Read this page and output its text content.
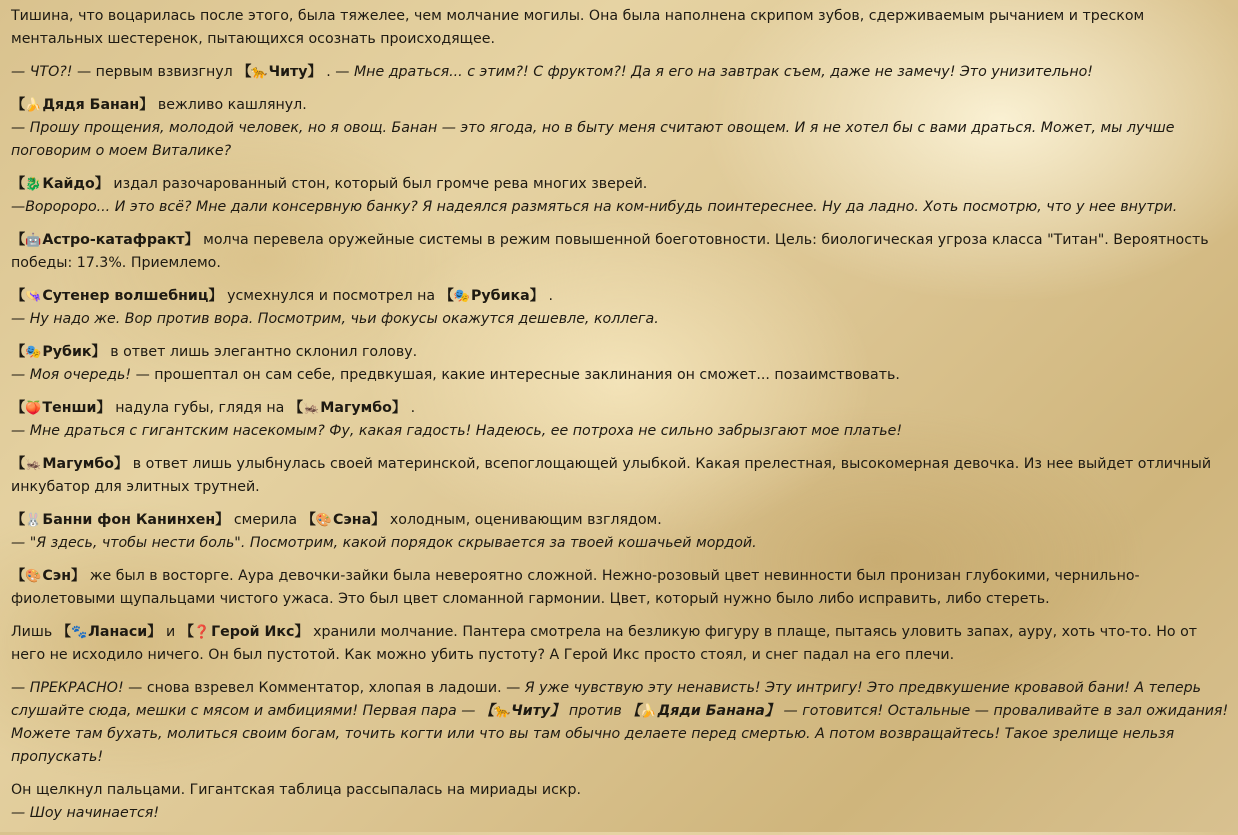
Тишина, что воцарилась после этого, была тяжелее, чем молчание могилы. Она была наполнена скрипом зубов, сдерживаемым рычанием и треском ментальных шестеренок, пытающихся осознать происходящее.

— ЧТО?! — первым взвизгнул 【🐆Читу】 . — Мне драться... с этим?! С фруктом?! Да я его на завтрак съем, даже не замечу! Это унизительно!

【🍌Дядя Банан】 вежливо кашлянул.
— Прошу прощения, молодой человек, но я овощ. Банан — это ягода, но в быту меня считают овощем. И я не хотел бы с вами драться. Может, мы лучше поговорим о моем Виталике?

【🐉Кайдо】 издал разочарованный стон, который был громче рева многих зверей.
—Воророро... И это всё? Мне дали консервную банку? Я надеялся размяться на ком-нибудь поинтереснее. Ну да ладно. Хоть посмотрю, что у нее внутри.

【🤖Астро-катафракт】 молча перевела оружейные системы в режим повышенной боеготовности. Цель: биологическая угроза класса "Титан". Вероятность победы: 17.3%. Приемлемо.

【👒Сутенер волшебниц】 усмехнулся и посмотрел на 【🎭Рубика】 .
— Ну надо же. Вор против вора. Посмотрим, чьи фокусы окажутся дешевле, коллега.

【🎭Рубик】 в ответ лишь элегантно склонил голову.
— Моя очередь! — прошептал он сам себе, предвкушая, какие интересные заклинания он сможет... позаимствовать.

【🍑Тенши】 надула губы, глядя на 【🦗Магумбо】 .
— Мне драться с гигантским насекомым? Фу, какая гадость! Надеюсь, ее потроха не сильно забрызгают мое платье!

【🦗Магумбо】 в ответ лишь улыбнулась своей материнской, всепоглощающей улыбкой. Какая прелестная, высокомерная девочка. Из нее выйдет отличный инкубатор для элитных трутней.

【🐰Банни фон Канинхен】 смерила 【🎨Сэна】 холодным, оценивающим взглядом.
— "Я здесь, чтобы нести боль". Посмотрим, какой порядок скрывается за твоей кошачьей мордой.

【🎨Сэн】 же был в восторге. Аура девочки-зайки была невероятно сложной. Нежно-розовый цвет невинности был пронизан глубокими, чернильно-фиолетовыми щупальцами чистого ужаса. Это был цвет сломанной гармонии. Цвет, который нужно было либо исправить, либо стереть.

Лишь 【🐾Ланаси】 и 【❓Герой Икс】 хранили молчание. Пантера смотрела на безликую фигуру в плаще, пытаясь уловить запах, ауру, хоть что-то. Но от него не исходило ничего. Он был пустотой. Как можно убить пустоту? А Герой Икс просто стоял, и снег падал на его плечи.

— ПРЕКРАСНО! — снова взревел Комментатор, хлопая в ладоши. — Я уже чувствую эту ненависть! Эту интригу! Это предвкушение кровавой бани! А теперь слушайте сюда, мешки с мясом и амбициями! Первая пара — 【🐆Читу】 против 【🍌Дяди Банана】 — готовится! Остальные — проваливайте в зал ожидания! Можете там бухать, молиться своим богам, точить когти или что вы там обычно делаете перед смертью. А потом возвращайтесь! Такое зрелище нельзя пропускать!

Он щелкнул пальцами. Гигантская таблица рассыпалась на мириады искр.
— Шоу начинается!
